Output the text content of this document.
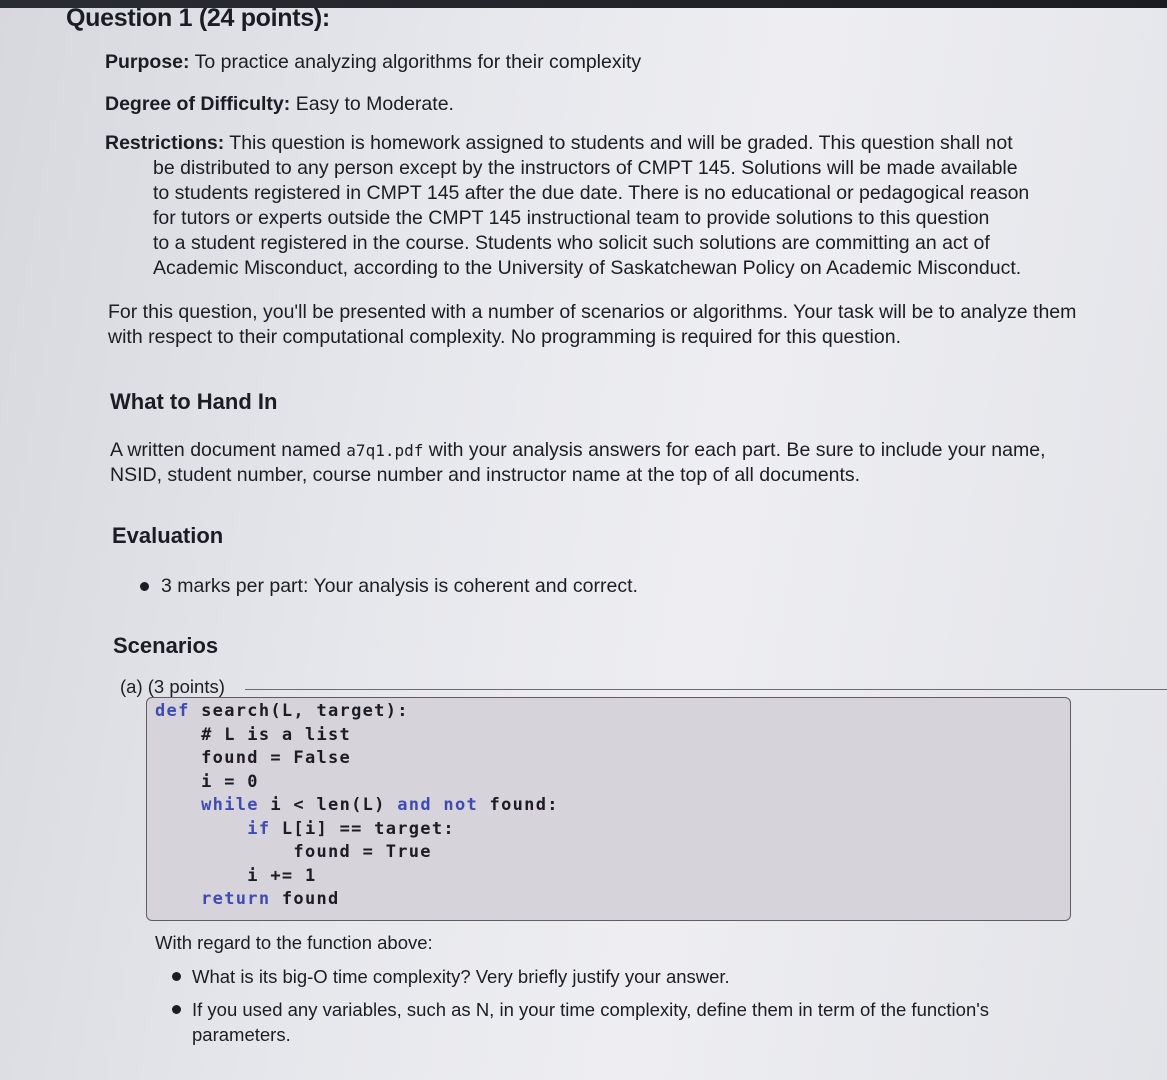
Question 1 (24 points):
Purpose: To practice analyzing algorithms for their complexity
Degree of Difficulty: Easy to Moderate.
Restrictions: This question is homework assigned to students and will be graded. This question shall not
be distributed to any person except by the instructors of CMPT 145. Solutions will be made available
to students registered in CMPT 145 after the due date. There is no educational or pedagogical reason
for tutors or experts outside the CMPT 145 instructional team to provide solutions to this question
to a student registered in the course. Students who solicit such solutions are committing an act of
Academic Misconduct, according to the University of Saskatchewan Policy on Academic Misconduct.

For this question, you'll be presented with a number of scenarios or algorithms. Your task will be to analyze them with respect to their computational complexity. No programming is required for this question.

What to Hand In

A written document named a7q1.pdf with your analysis answers for each part. Be sure to include your name, NSID, student number, course number and instructor name at the top of all documents.

Evaluation
3 marks per part: Your analysis is coherent and correct.
Scenarios
(a) (3 points)
def search(L, target):
# L is a list
found = False
i = 0
while i < len(L) and not found:
if L[i] == target:
found = True
i += 1
return found
With regard to the function above:
What is its big-O time complexity? Very briefly justify your answer.
If you used any variables, such as N, in your time complexity, define them in term of the function's parameters.
